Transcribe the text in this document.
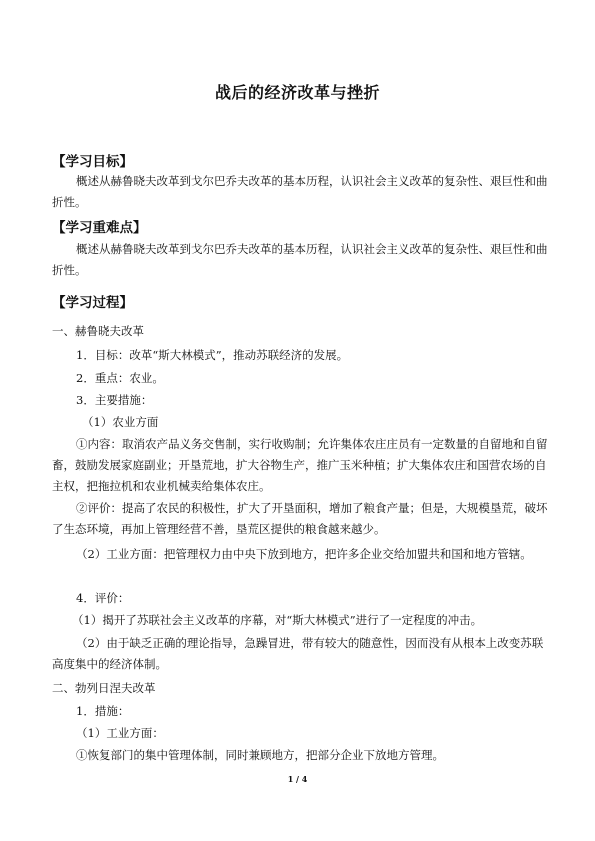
战后的经济改革与挫折
【学习目标】
概述从赫鲁晓夫改革到戈尔巴乔夫改革的基本历程，认识社会主义改革的复杂性、艰巨性和曲折性。
【学习重难点】
概述从赫鲁晓夫改革到戈尔巴乔夫改革的基本历程，认识社会主义改革的复杂性、艰巨性和曲折性。
【学习过程】
一、赫鲁晓夫改革
1．目标：改革“斯大林模式”，推动苏联经济的发展。
2．重点：农业。
3．主要措施：
（1）农业方面
①内容：取消农产品义务交售制，实行收购制；允许集体农庄庄员有一定数量的自留地和自留畜，鼓励发展家庭副业；开垦荒地，扩大谷物生产，推广玉米种植；扩大集体农庄和国营农场的自主权，把拖拉机和农业机械卖给集体农庄。
②评价：提高了农民的积极性，扩大了开垦面积，增加了粮食产量；但是，大规模垦荒，破坏了生态环境，再加上管理经营不善，垦荒区提供的粮食越来越少。
（2）工业方面：把管理权力由中央下放到地方，把许多企业交给加盟共和国和地方管辖。
4．评价：
（1）揭开了苏联社会主义改革的序幕，对“斯大林模式”进行了一定程度的冲击。
（2）由于缺乏正确的理论指导，急躁冒进，带有较大的随意性，因而没有从根本上改变苏联高度集中的经济体制。
二、勃列日涅夫改革
1．措施：
（1）工业方面：
①恢复部门的集中管理体制，同时兼顾地方，把部分企业下放地方管理。
1 / 4
